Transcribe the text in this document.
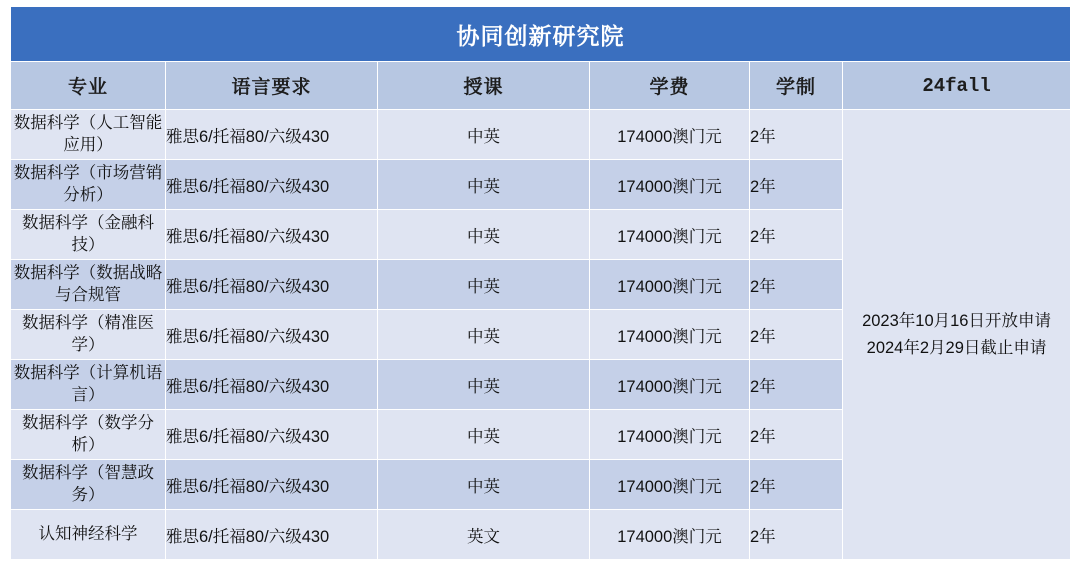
协同创新研究院					
专业	语言要求	授课	学费	学制	24fall
数据科学（人工智能应用）	雅思6/托福80/六级430	中英	174000澳门元	2年	2023年10月16日开放申请
2024年2月29日截止申请

数据科学（市场营销分析）	雅思6/托福80/六级430	中英	174000澳门元	2年	
数据科学（金融科技）	雅思6/托福80/六级430	中英	174000澳门元	2年	
数据科学（数据战略与合规管	雅思6/托福80/六级430	中英	174000澳门元	2年	
数据科学（精准医学）	雅思6/托福80/六级430	中英	174000澳门元	2年	
数据科学（计算机语言）	雅思6/托福80/六级430	中英	174000澳门元	2年	
数据科学（数学分析）	雅思6/托福80/六级430	中英	174000澳门元	2年	
数据科学（智慧政务）	雅思6/托福80/六级430	中英	174000澳门元	2年	
认知神经科学	雅思6/托福80/六级430	英文	174000澳门元	2年	
